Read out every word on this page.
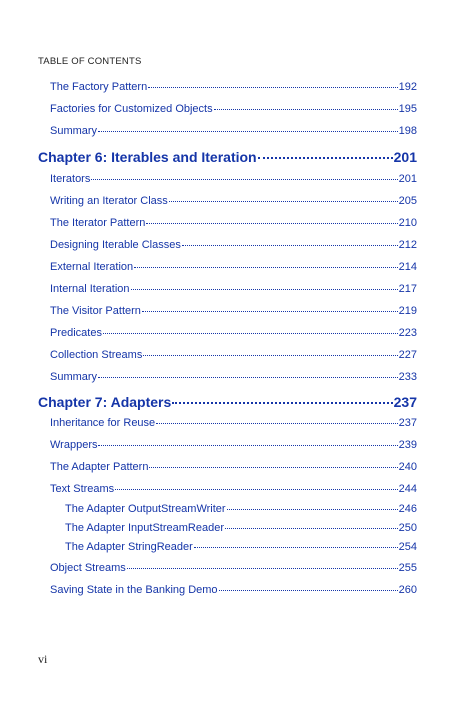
TABLE OF CONTENTS
The Factory Pattern	192
Factories for Customized Objects	195
Summary	198
Chapter 6: Iterables and Iteration	201
Iterators	201
Writing an Iterator Class	205
The Iterator Pattern	210
Designing Iterable Classes	212
External Iteration	214
Internal Iteration	217
The Visitor Pattern	219
Predicates	223
Collection Streams	227
Summary	233
Chapter 7: Adapters	237
Inheritance for Reuse	237
Wrappers	239
The Adapter Pattern	240
Text Streams	244
The Adapter OutputStreamWriter	246
The Adapter InputStreamReader	250
The Adapter StringReader	254
Object Streams	255
Saving State in the Banking Demo	260
vi
